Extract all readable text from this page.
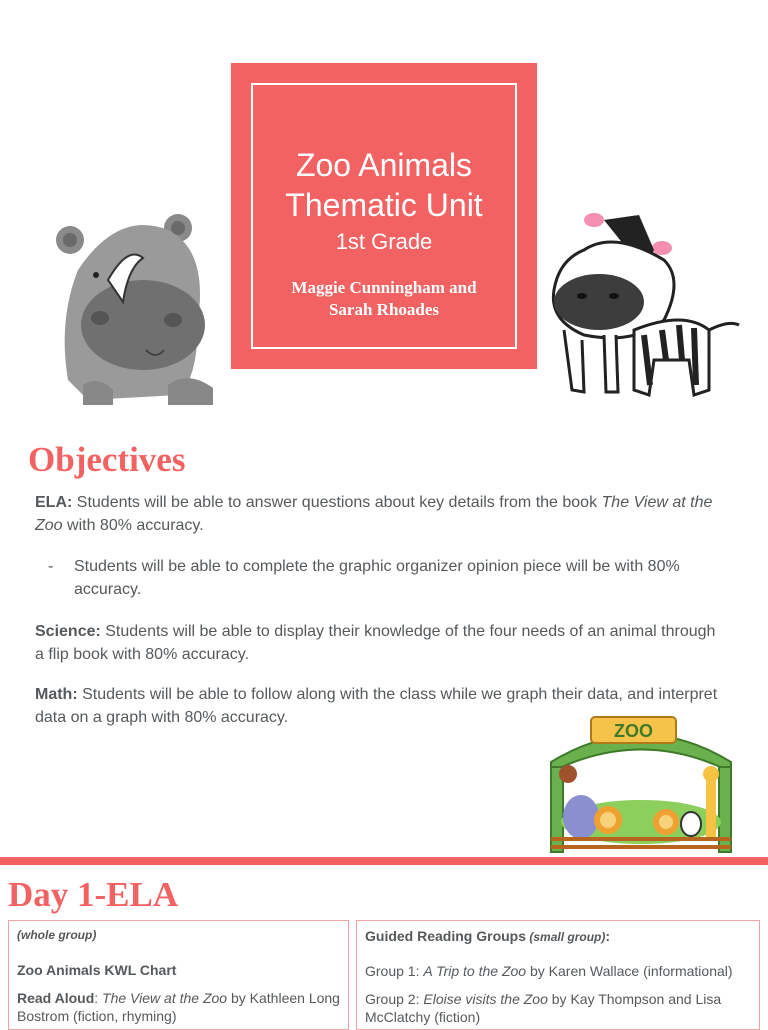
Zoo Animals
Thematic Unit
1st Grade
Maggie Cunningham and
Sarah Rhoades
Objectives

ELA: Students will be able to answer questions about key details from the book The View at the Zoo with 80% accuracy.

- Students will be able to complete the graphic organizer opinion piece will be with 80% accuracy.

Science: Students will be able to display their knowledge of the four needs of an animal through a flip book with 80% accuracy.

Math: Students will be able to follow along with the class while we graph their data, and interpret data on a graph with 80% accuracy.

ZOO
Day 1-ELA
(whole group)
Zoo Animals KWL Chart
Read Aloud: The View at the Zoo by Kathleen Long Bostrom (fiction, rhyming)
Guided Reading Groups (small group):
Group 1: A Trip to the Zoo by Karen Wallace (informational)
Group 2: Eloise visits the Zoo by Kay Thompson and Lisa McClatchy (fiction)
